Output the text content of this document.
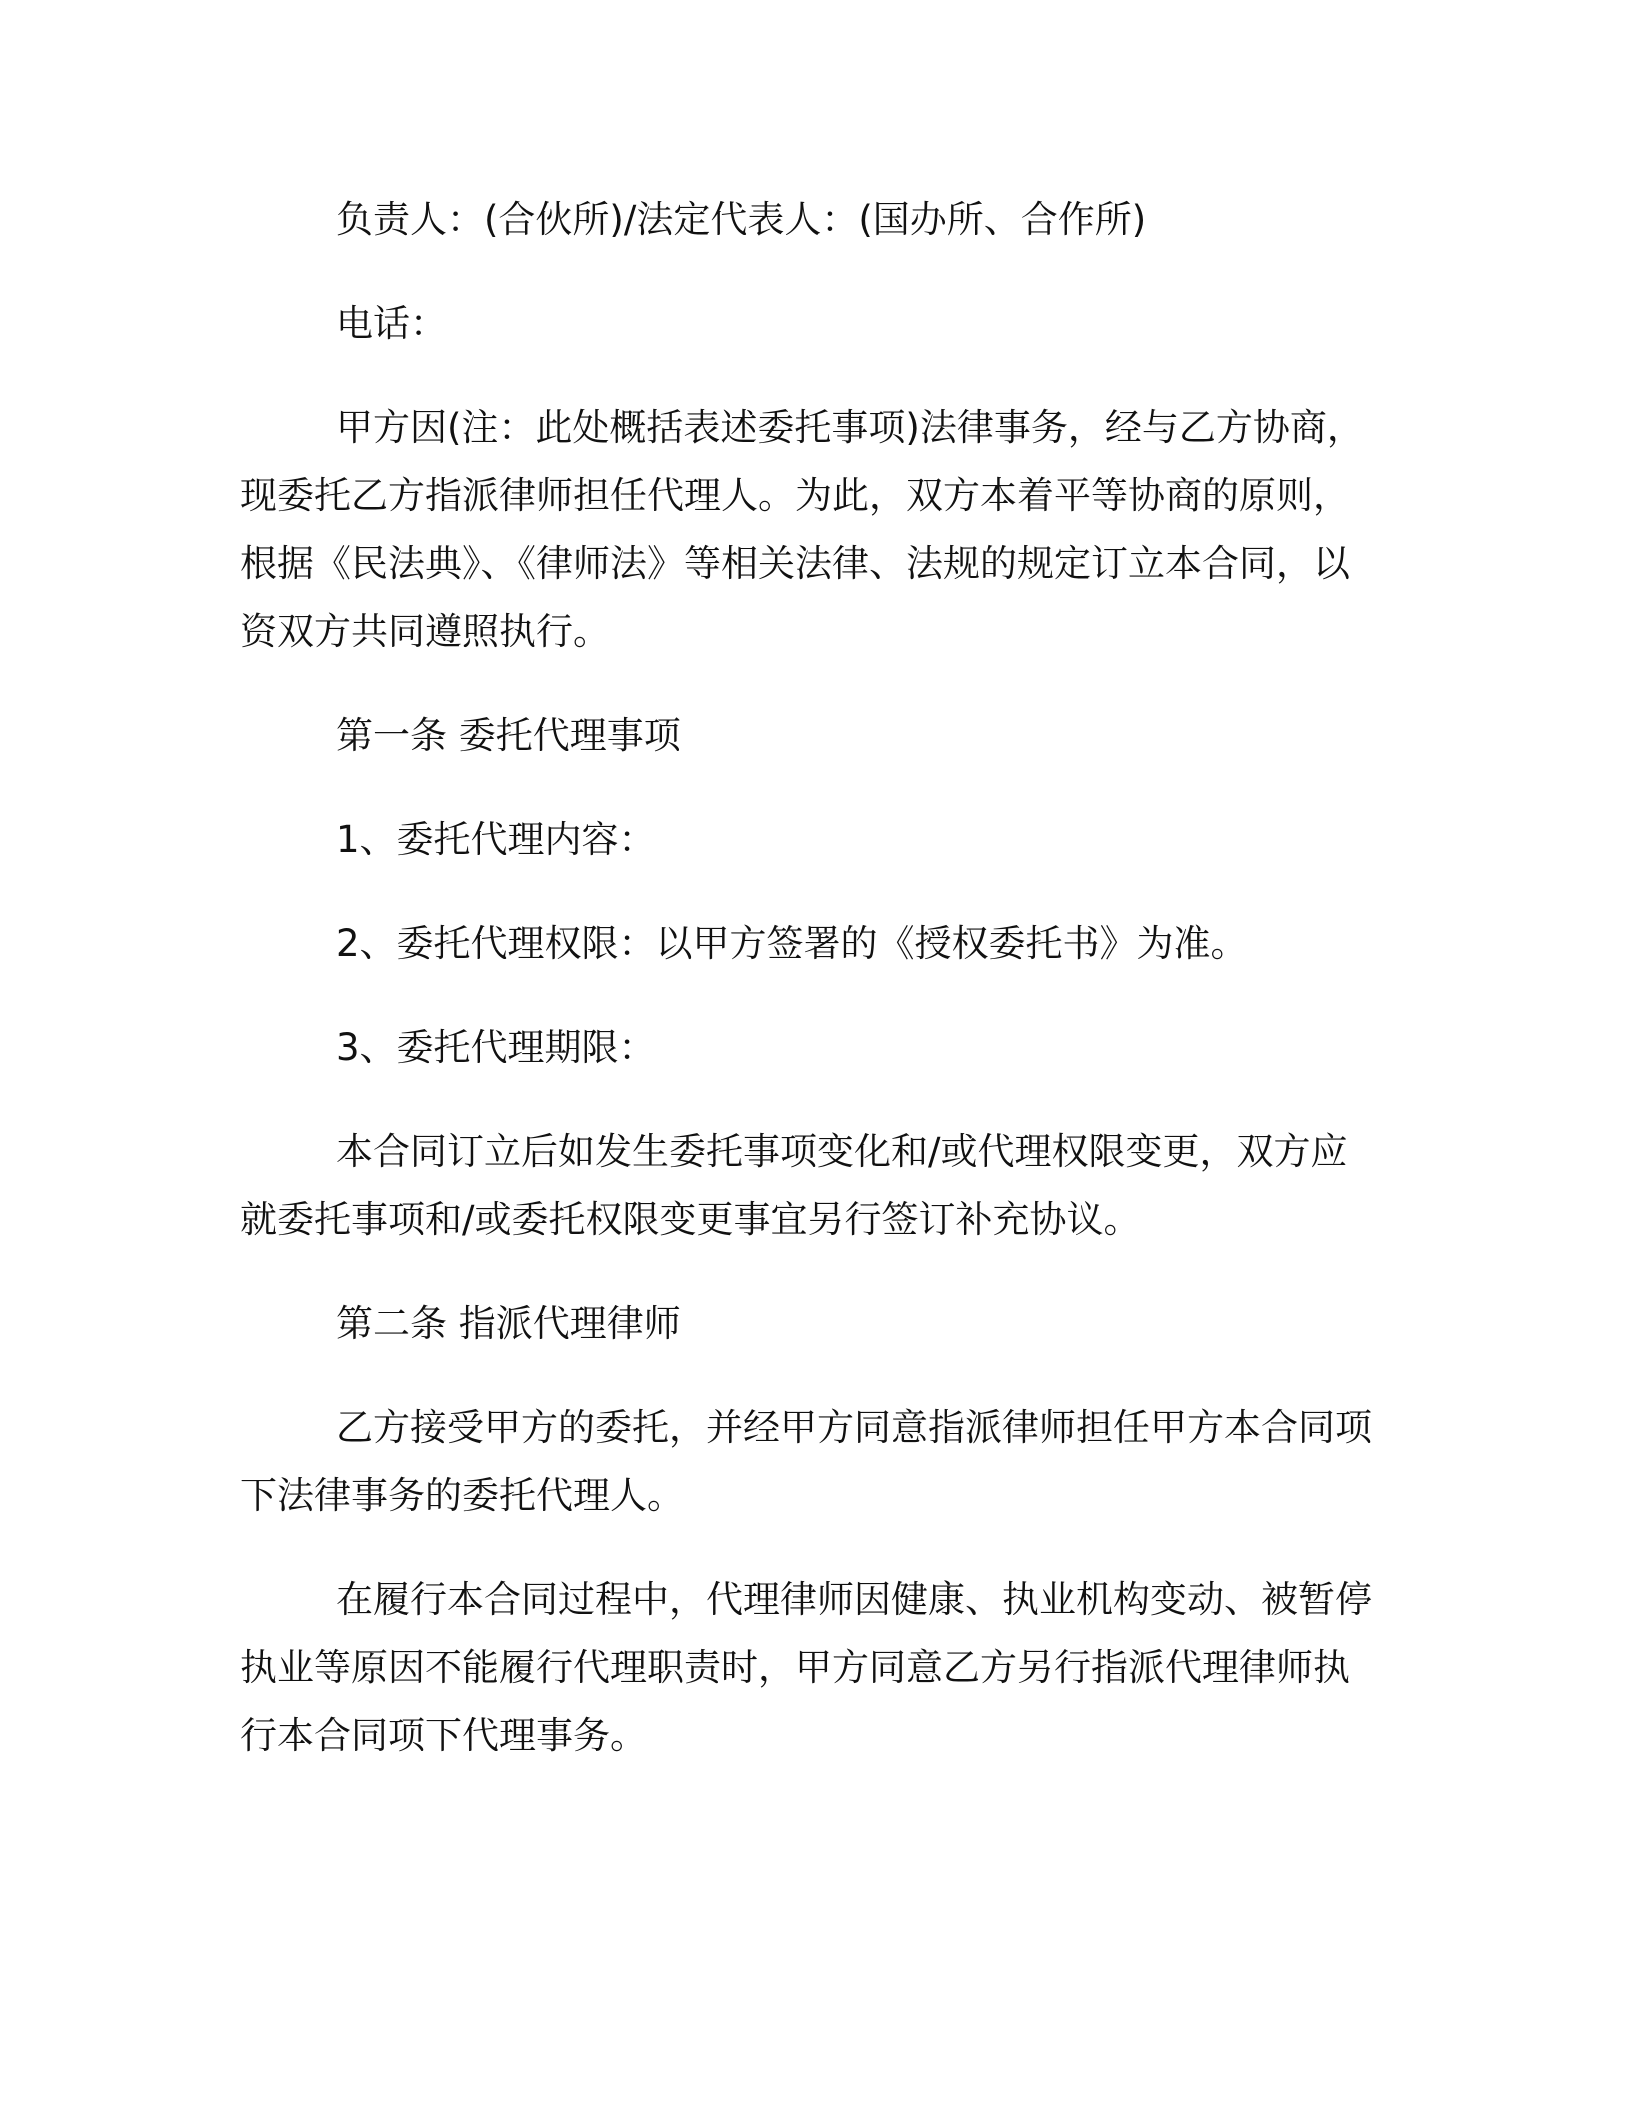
负责人：(合伙所)/法定代表人：(国办所、合作所)

电话：

甲方因(注：此处概括表述委托事项)法律事务，经与乙方协商，现委托乙方指派律师担任代理人。为此，双方本着平等协商的原则，根据《民法典》、《律师法》等相关法律、法规的规定订立本合同，以资双方共同遵照执行。

第一条 委托代理事项

1、委托代理内容：

2、委托代理权限：以甲方签署的《授权委托书》为准。

3、委托代理期限：

本合同订立后如发生委托事项变化和/或代理权限变更，双方应就委托事项和/或委托权限变更事宜另行签订补充协议。

第二条 指派代理律师

乙方接受甲方的委托，并经甲方同意指派律师担任甲方本合同项下法律事务的委托代理人。

在履行本合同过程中，代理律师因健康、执业机构变动、被暂停执业等原因不能履行代理职责时，甲方同意乙方另行指派代理律师执行本合同项下代理事务。
